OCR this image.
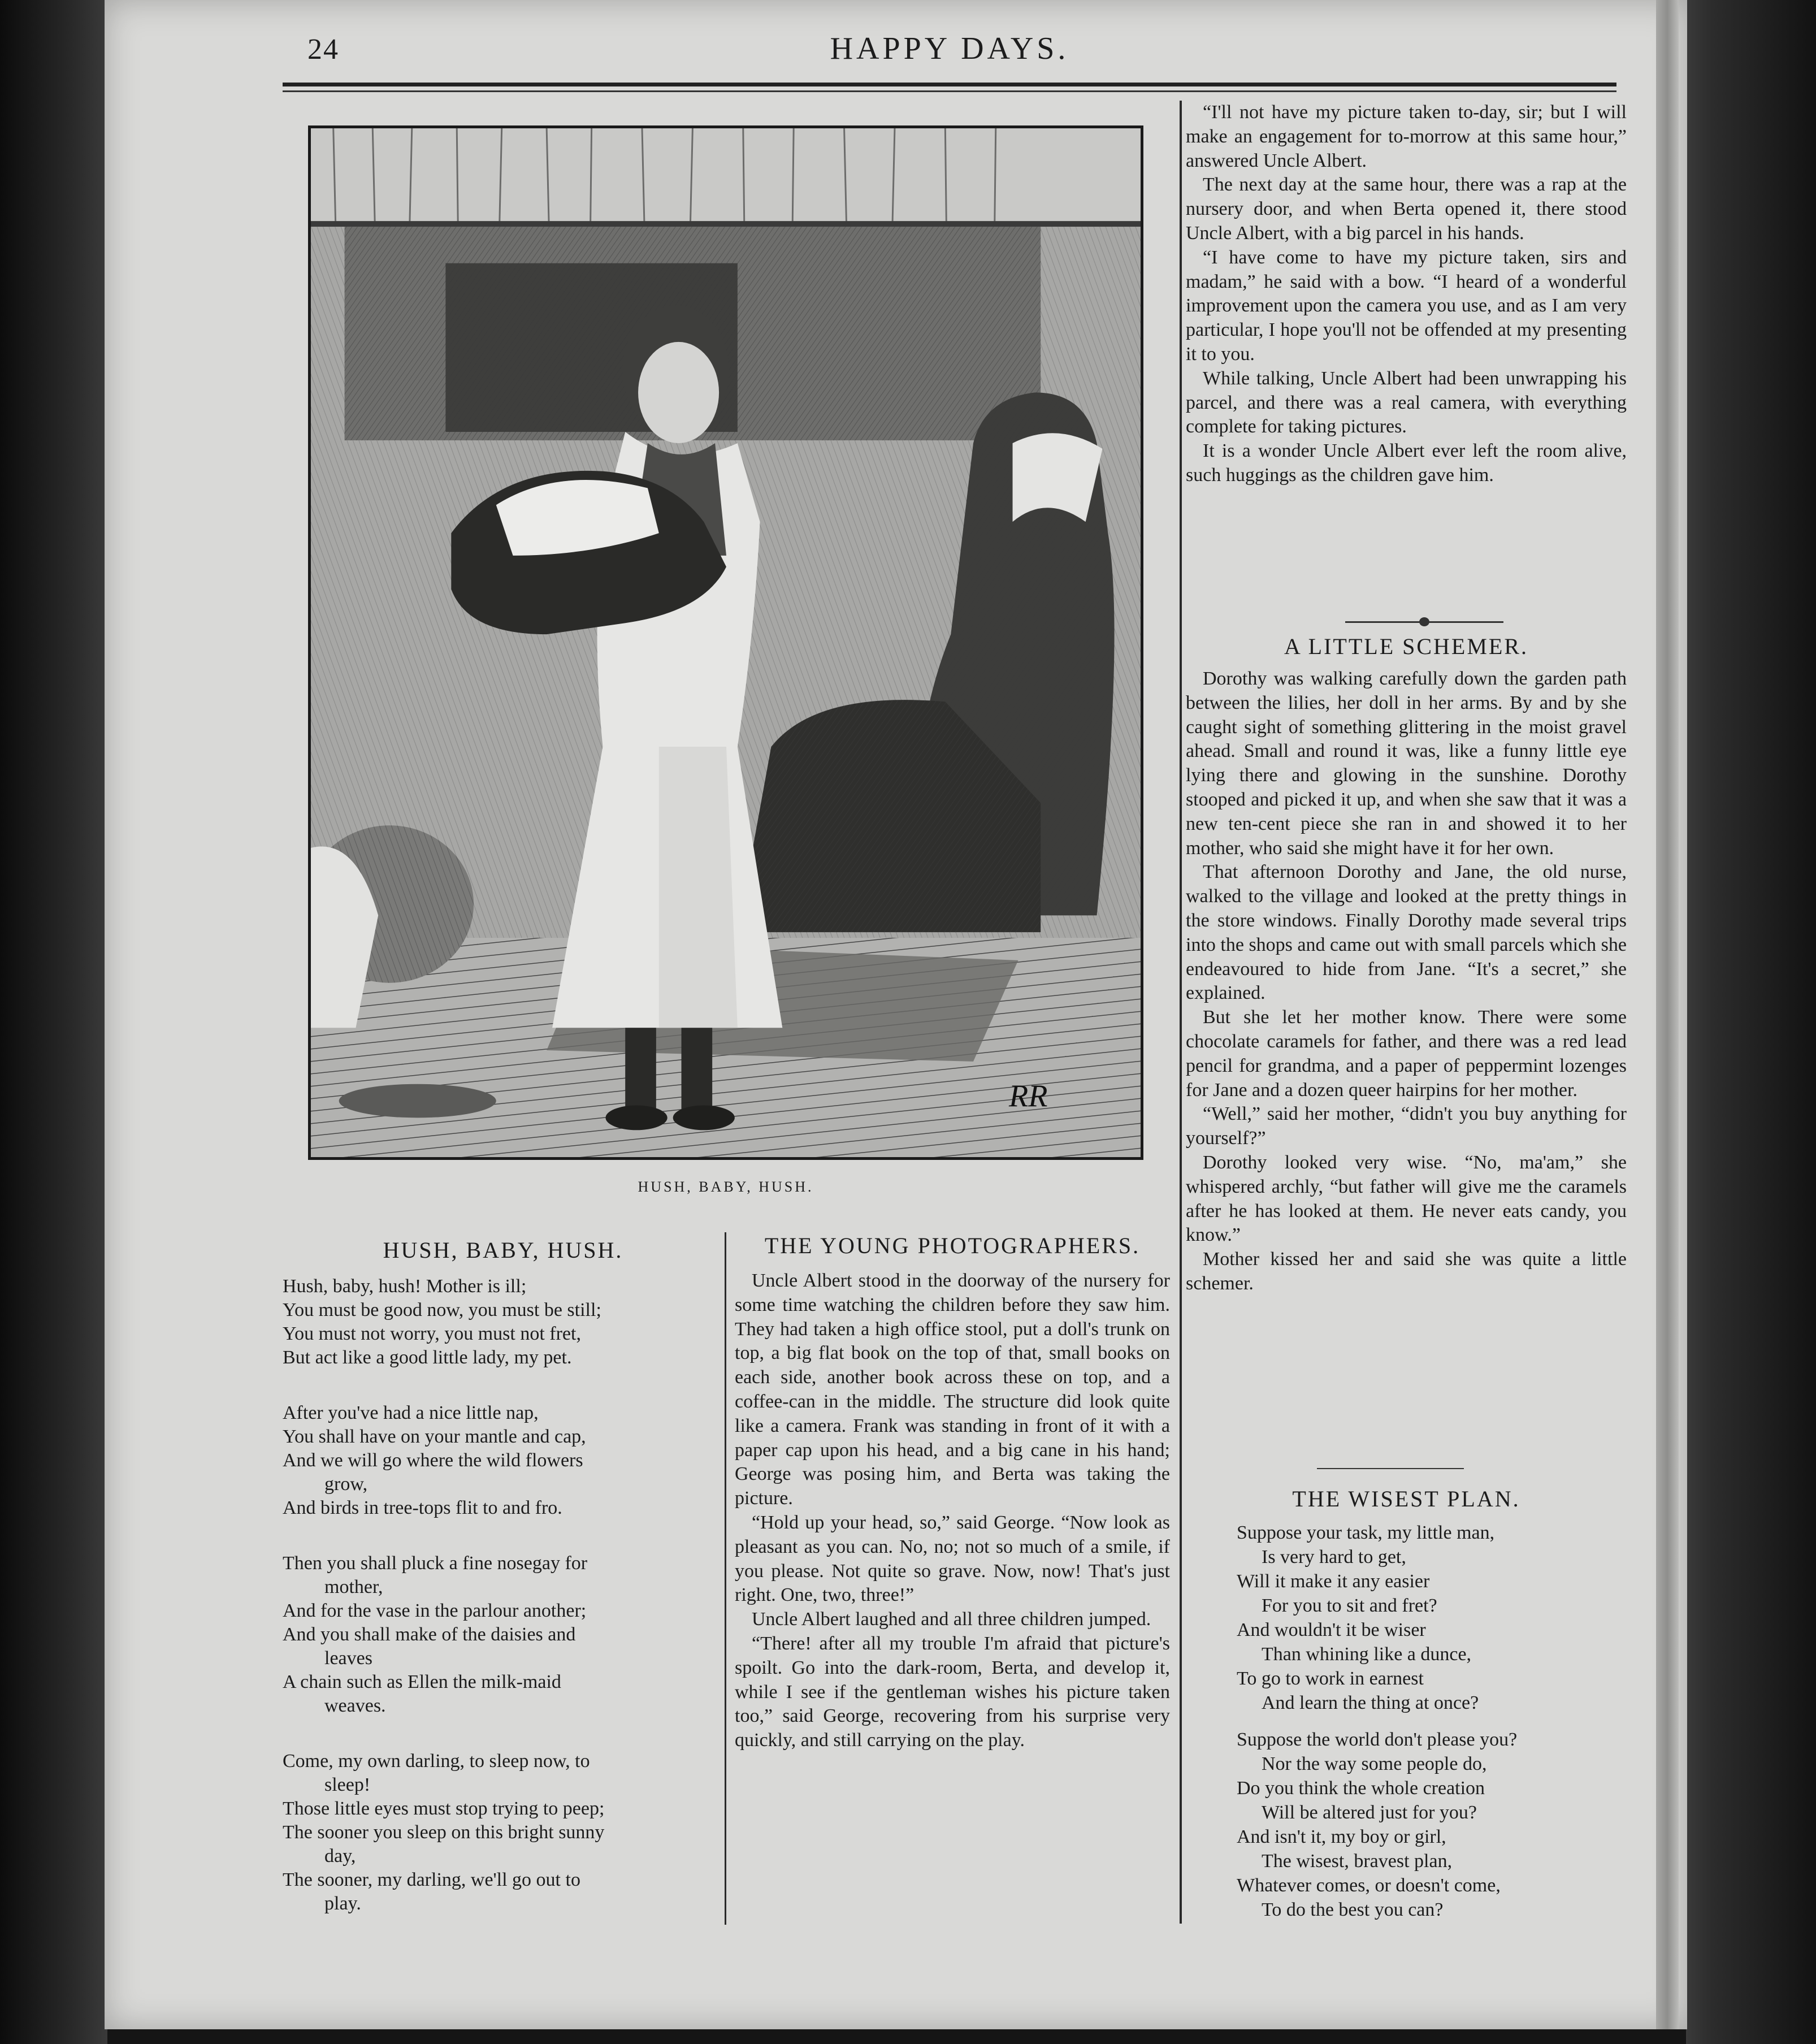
24	HAPPY DAYS.
RR
HUSH, BABY, HUSH.
HUSH, BABY, HUSH.
Hush, baby, hush! Mother is ill;
You must be good now, you must be still;
You must not worry, you must not fret,
But act like a good little lady, my pet.
After you've had a nice little nap,
You shall have on your mantle and cap,
And we will go where the wild flowers
grow,
And birds in tree-tops flit to and fro.
Then you shall pluck a fine nosegay for
mother,
And for the vase in the parlour another;
And you shall make of the daisies and
leaves
A chain such as Ellen the milk-maid
weaves.
Come, my own darling, to sleep now, to
sleep!
Those little eyes must stop trying to peep;
The sooner you sleep on this bright sunny
day,
The sooner, my darling, we'll go out to
play.
THE YOUNG PHOTOGRAPHERS.

Uncle Albert stood in the doorway of the nursery for some time watching the children before they saw him. They had taken a high office stool, put a doll's trunk on top, a big flat book on the top of that, small books on each side, another book across these on top, and a coffee-can in the middle. The structure did look quite like a camera. Frank was standing in front of it with a paper cap upon his head, and a big cane in his hand; George was posing him, and Berta was taking the picture.

“Hold up your head, so,” said George. “Now look as pleasant as you can. No, no; not so much of a smile, if you please. Not quite so grave. Now, now! That's just right. One, two, three!”

Uncle Albert laughed and all three children jumped.

“There! after all my trouble I'm afraid that picture's spoilt. Go into the dark-room, Berta, and develop it, while I see if the gentleman wishes his picture taken too,” said George, recovering from his surprise very quickly, and still carrying on the play.

“I'll not have my picture taken to-day, sir; but I will make an engagement for to-morrow at this same hour,” answered Uncle Albert.

The next day at the same hour, there was a rap at the nursery door, and when Berta opened it, there stood Uncle Albert, with a big parcel in his hands.

“I have come to have my picture taken, sirs and madam,” he said with a bow. “I heard of a wonderful improvement upon the camera you use, and as I am very particular, I hope you'll not be offended at my presenting it to you.

While talking, Uncle Albert had been unwrapping his parcel, and there was a real camera, with everything complete for taking pictures.

It is a wonder Uncle Albert ever left the room alive, such huggings as the children gave him.

A LITTLE SCHEMER.

Dorothy was walking carefully down the garden path between the lilies, her doll in her arms. By and by she caught sight of something glittering in the moist gravel ahead. Small and round it was, like a funny little eye lying there and glowing in the sunshine. Dorothy stooped and picked it up, and when she saw that it was a new ten-cent piece she ran in and showed it to her mother, who said she might have it for her own.

That afternoon Dorothy and Jane, the old nurse, walked to the village and looked at the pretty things in the store windows. Finally Dorothy made several trips into the shops and came out with small parcels which she endeavoured to hide from Jane. “It's a secret,” she explained.

But she let her mother know. There were some chocolate caramels for father, and there was a red lead pencil for grandma, and a paper of peppermint lozenges for Jane and a dozen queer hairpins for her mother.

“Well,” said her mother, “didn't you buy anything for yourself?”

Dorothy looked very wise. “No, ma'am,” she whispered archly, “but father will give me the caramels after he has looked at them. He never eats candy, you know.”

Mother kissed her and said she was quite a little schemer.

THE WISEST PLAN.
Suppose your task, my little man,
Is very hard to get,
Will it make it any easier
For you to sit and fret?
And wouldn't it be wiser
Than whining like a dunce,
To go to work in earnest
And learn the thing at once?
Suppose the world don't please you?
Nor the way some people do,
Do you think the whole creation
Will be altered just for you?
And isn't it, my boy or girl,
The wisest, bravest plan,
Whatever comes, or doesn't come,
To do the best you can?
